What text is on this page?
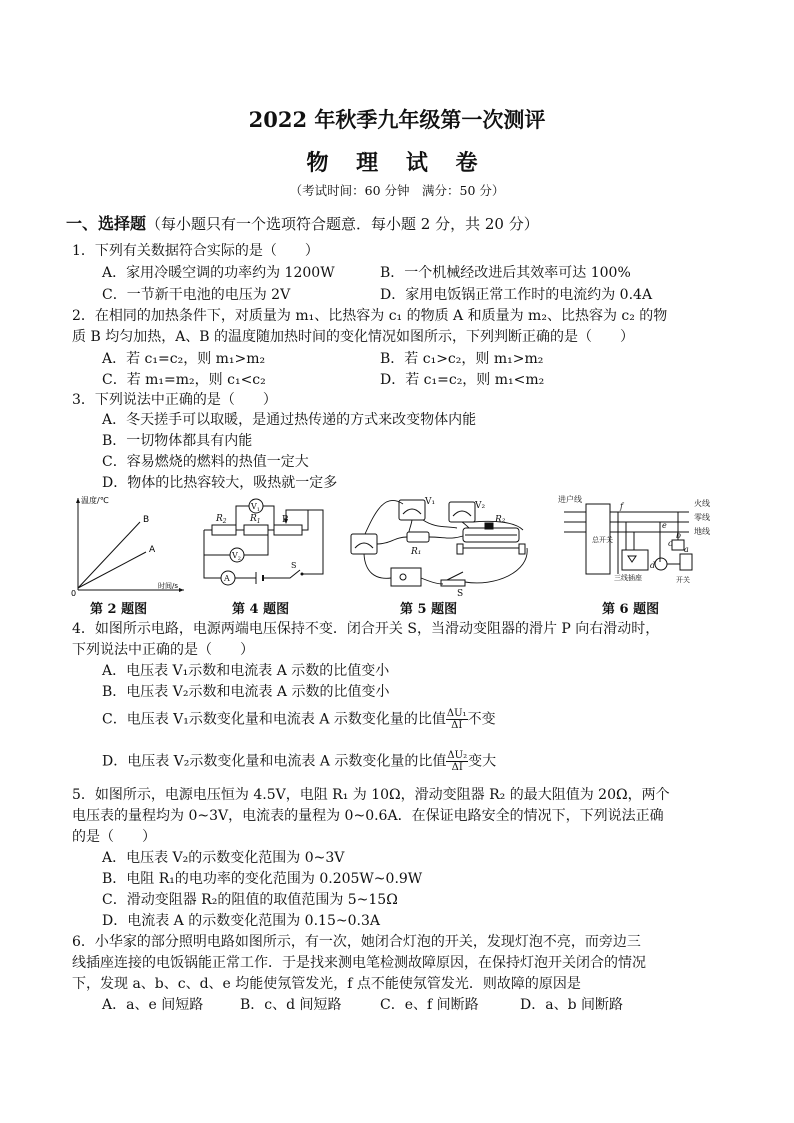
2022 年秋季九年级第一次测评
物 理 试 卷
（考试时间：60 分钟　满分：50 分）
一、选择题（每小题只有一个选项符合题意．每小题 2 分，共 20 分）
1．下列有关数据符合实际的是（　　）
A．家用冷暖空调的功率约为 1200W	B．一个机械经改进后其效率可达 100%
C．一节新干电池的电压为 2V	D．家用电饭锅正常工作时的电流约为 0.4A
2．在相同的加热条件下，对质量为 m₁、比热容为 c₁ 的物质 A 和质量为 m₂、比热容为 c₂ 的物
质 B 均匀加热，A、B 的温度随加热时间的变化情况如图所示，下列判断正确的是（　　）
A．若 c₁=c₂，则 m₁>m₂	B．若 c₁>c₂，则 m₁>m₂
C．若 m₁=m₂，则 c₁<c₂	D．若 c₁=c₂，则 m₁<m₂
3．下列说法中正确的是（　　）
A．冬天搓手可以取暖，是通过热传递的方式来改变物体内能
B．一切物体都具有内能
C．容易燃烧的燃料的热值一定大
D．物体的比热容较大，吸热就一定多
温度/℃
时间/s
0
B
A
$R_2$	$R_1$ P
$V_1$
$V_2$
A
S
V₁	V₂
R₁
R₂
S
进户线	火线
零线
地线
总开关
三线插座	开关
f
e
c
b
a
d
第 2 题图	第 4 题图	第 5 题图	第 6 题图
4．如图所示电路，电源两端电压保持不变．闭合开关 S，当滑动变阻器的滑片 P 向右滑动时，
下列说法中正确的是（　　）
A．电压表 V₁示数和电流表 A 示数的比值变小
B．电压表 V₂示数和电流表 A 示数的比值变小
C．电压表 V₁示数变化量和电流表 A 示数变化量的比值 $\frac{\text{ΔU₁}}{\Delta I}$ 不变
D．电压表 V₂示数变化量和电流表 A 示数变化量的比值 $\frac{\text{ΔU₂}}{\Delta I}$ 变大
5．如图所示，电源电压恒为 4.5V，电阻 R₁ 为 10Ω，滑动变阻器 R₂ 的最大阻值为 20Ω，两个
电压表的量程均为 0~3V，电流表的量程为 0~0.6A．在保证电路安全的情况下，下列说法正确
的是（　　）
A．电压表 V₂的示数变化范围为 0~3V
B．电阻 R₁的电功率的变化范围为 0.205W~0.9W
C．滑动变阻器 R₂的阻值的取值范围为 5~15Ω
D．电流表 A 的示数变化范围为 0.15~0.3A
6．小华家的部分照明电路如图所示，有一次，她闭合灯泡的开关，发现灯泡不亮，而旁边三
线插座连接的电饭锅能正常工作．于是找来测电笔检测故障原因，在保持灯泡开关闭合的情况
下，发现 a、b、c、d、e 均能使氖管发光，f 点不能使氖管发光．则故障的原因是
A．a、e 间短路	B．c、d 间短路	C．e、f 间断路	D．a、b 间断路
